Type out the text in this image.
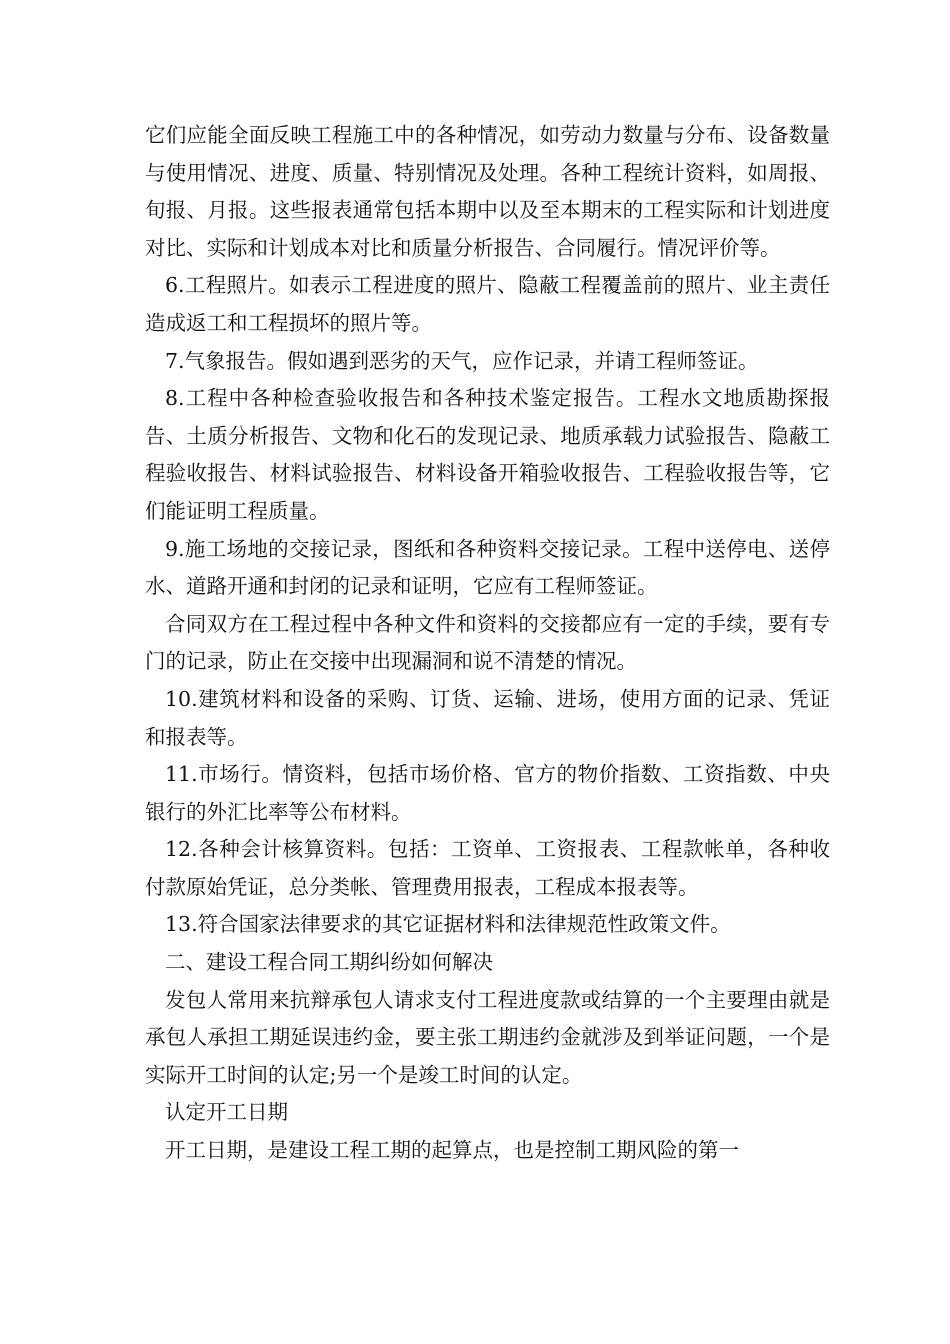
它们应能全面反映工程施工中的各种情况，如劳动力数量与分布、设备数量与使用情况、进度、质量、特别情况及处理。各种工程统计资料，如周报、旬报、月报。这些报表通常包括本期中以及至本期末的工程实际和计划进度对比、实际和计划成本对比和质量分析报告、合同履行。情况评价等。

6.工程照片。如表示工程进度的照片、隐蔽工程覆盖前的照片、业主责任造成返工和工程损坏的照片等。

7.气象报告。假如遇到恶劣的天气，应作记录，并请工程师签证。

8.工程中各种检查验收报告和各种技术鉴定报告。工程水文地质勘探报告、土质分析报告、文物和化石的发现记录、地质承载力试验报告、隐蔽工程验收报告、材料试验报告、材料设备开箱验收报告、工程验收报告等，它们能证明工程质量。

9.施工场地的交接记录，图纸和各种资料交接记录。工程中送停电、送停水、道路开通和封闭的记录和证明，它应有工程师签证。

合同双方在工程过程中各种文件和资料的交接都应有一定的手续，要有专门的记录，防止在交接中出现漏洞和说不清楚的情况。

10.建筑材料和设备的采购、订货、运输、进场，使用方面的记录、凭证和报表等。

11.市场行。情资料，包括市场价格、官方的物价指数、工资指数、中央银行的外汇比率等公布材料。

12.各种会计核算资料。包括：工资单、工资报表、工程款帐单，各种收付款原始凭证，总分类帐、管理费用报表，工程成本报表等。

13.符合国家法律要求的其它证据材料和法律规范性政策文件。

二、建设工程合同工期纠纷如何解决

发包人常用来抗辩承包人请求支付工程进度款或结算的一个主要理由就是承包人承担工期延误违约金，要主张工期违约金就涉及到举证问题，一个是实际开工时间的认定;另一个是竣工时间的认定。

认定开工日期

开工日期，是建设工程工期的起算点，也是控制工期风险的第一
